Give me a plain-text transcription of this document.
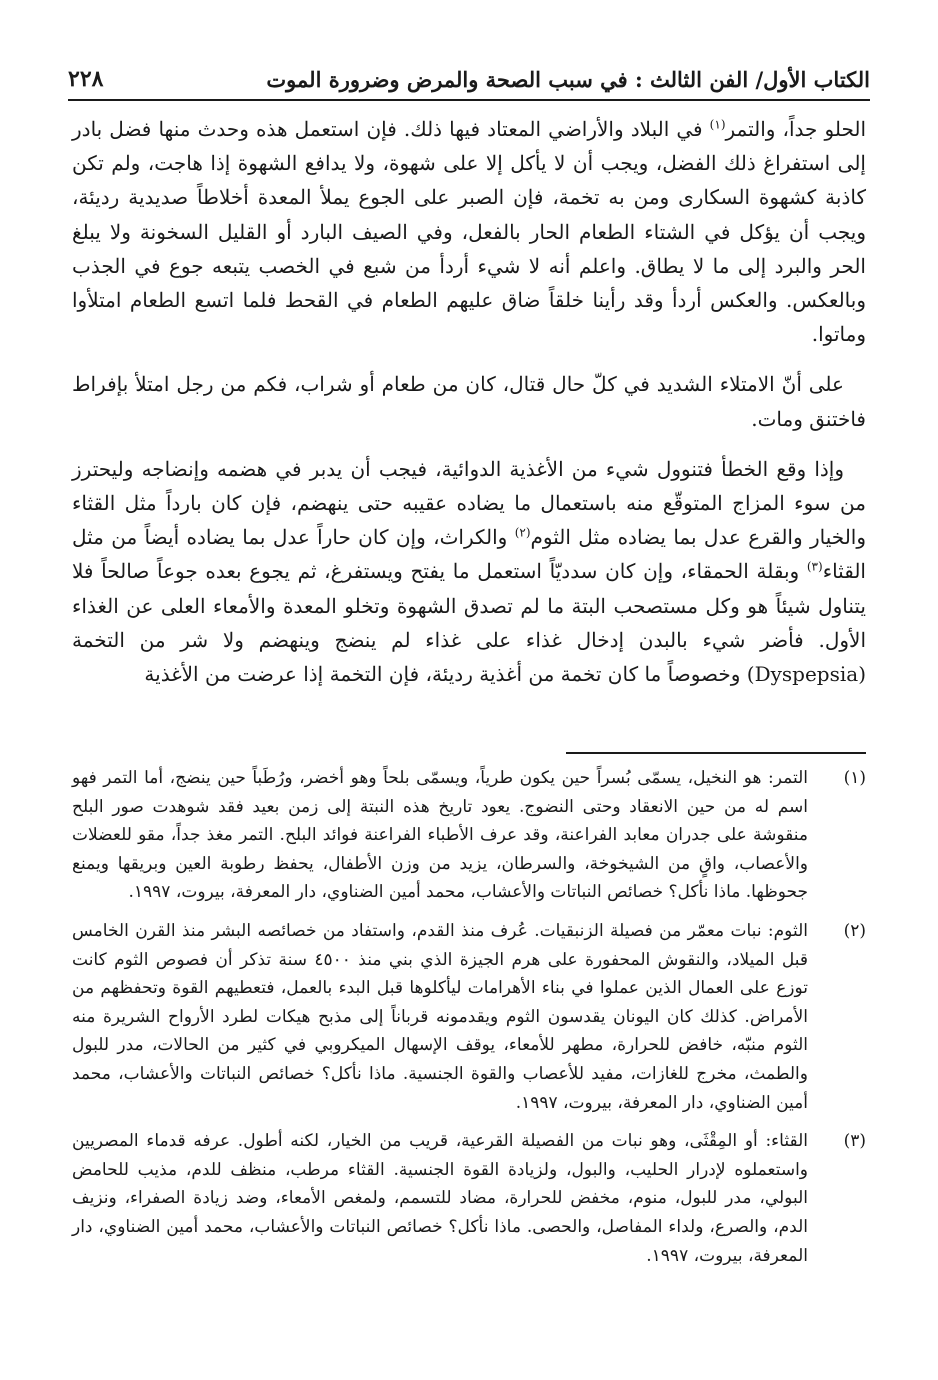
الكتاب الأول/ الفن الثالث : في سبب الصحة والمرض وضرورة الموت
٢٢٨

الحلو جداً، والتمر$^{(١)}$ في البلاد والأراضي المعتاد فيها ذلك. فإن استعمل هذه وحدث منها فضل بادر إلى استفراغ ذلك الفضل، ويجب أن لا يأكل إلا على شهوة، ولا يدافع الشهوة إذا هاجت، ولم تكن كاذبة كشهوة السكارى ومن به تخمة، فإن الصبر على الجوع يملأ المعدة أخلاطاً صديدية رديئة، ويجب أن يؤكل في الشتاء الطعام الحار بالفعل، وفي الصيف البارد أو القليل السخونة ولا يبلغ الحر والبرد إلى ما لا يطاق. واعلم أنه لا شيء أردأ من شبع في الخصب يتبعه جوع في الجذب وبالعكس. والعكس أردأ وقد رأينا خلقاً ضاق عليهم الطعام في القحط فلما اتسع الطعام امتلأوا وماتوا.

على أنّ الامتلاء الشديد في كلّ حال قتال، كان من طعام أو شراب، فكم من رجل امتلأ بإفراط فاختنق ومات.

وإذا وقع الخطأ فتنوول شيء من الأغذية الدوائية، فيجب أن يدبر في هضمه وإنضاجه وليحترز من سوء المزاج المتوقّع منه باستعمال ما يضاده عقيبه حتى ينهضم، فإن كان بارداً مثل القثاء والخيار والقرع عدل بما يضاده مثل الثوم$^{(٢)}$ والكراث، وإن كان حاراً عدل بما يضاده أيضاً من مثل القثاء$^{(٣)}$ وبقلة الحمقاء، وإن كان سدديّاً استعمل ما يفتح ويستفرغ، ثم يجوع بعده جوعاً صالحاً فلا يتناول شيئاً هو وكل مستصحب البتة ما لم تصدق الشهوة وتخلو المعدة والأمعاء العلى عن الغذاء الأول. فأضر شيء بالبدن إدخال غذاء على غذاء لم ينضج وينهضم ولا شر من التخمة (Dyspepsia) وخصوصاً ما كان تخمة من أغذية رديئة، فإن التخمة إذا عرضت من الأغذية

(١)
التمر: هو النخيل، يسمّى بُسراً حين يكون طرياً، ويسمّى بلحاً وهو أخضر، ورُطَباً حين ينضج، أما التمر فهو اسم له من حين الانعقاد وحتى النضوج. يعود تاريخ هذه النبتة إلى زمن بعيد فقد شوهدت صور البلح منقوشة على جدران معابد الفراعنة، وقد عرف الأطباء الفراعنة فوائد البلح. التمر مغذ جداً، مقو للعضلات والأعصاب، واقٍ من الشيخوخة، والسرطان، يزيد من وزن الأطفال، يحفظ رطوبة العين وبريقها ويمنع جحوظها. ماذا نأكل؟ خصائص النباتات والأعشاب، محمد أمين الضناوي، دار المعرفة، بيروت، ١٩٩٧.
(٢)
الثوم: نبات معمّر من فصيلة الزنبقيات. عُرف منذ القدم، واستفاد من خصائصه البشر منذ القرن الخامس قبل الميلاد، والنقوش المحفورة على هرم الجيزة الذي بني منذ ٤٥٠٠ سنة تذكر أن فصوص الثوم كانت توزع على العمال الذين عملوا في بناء الأهرامات ليأكلوها قبل البدء بالعمل، فتعطيهم القوة وتحفظهم من الأمراض. كذلك كان اليونان يقدسون الثوم ويقدمونه قرباناً إلى مذبح هيكات لطرد الأرواح الشريرة منه الثوم منبّه، خافض للحرارة، مطهر للأمعاء، يوقف الإسهال الميكروبي في كثير من الحالات، مدر للبول والطمث، مخرج للغازات، مفيد للأعصاب والقوة الجنسية. ماذا نأكل؟ خصائص النباتات والأعشاب، محمد أمين الضناوي، دار المعرفة، بيروت، ١٩٩٧.
(٣)
القثاء: أو المِقْثَى، وهو نبات من الفصيلة القرعية، قريب من الخيار، لكنه أطول. عرفه قدماء المصريين واستعملوه لإدرار الحليب، والبول، ولزيادة القوة الجنسية. القثاء مرطب، منظف للدم، مذيب للحامض البولي، مدر للبول، منوم، مخفض للحرارة، مضاد للتسمم، ولمغص الأمعاء، وضد زيادة الصفراء، ونزيف الدم، والصرع، ولداء المفاصل، والحصى. ماذا نأكل؟ خصائص النباتات والأعشاب، محمد أمين الضناوي، دار المعرفة، بيروت، ١٩٩٧.
